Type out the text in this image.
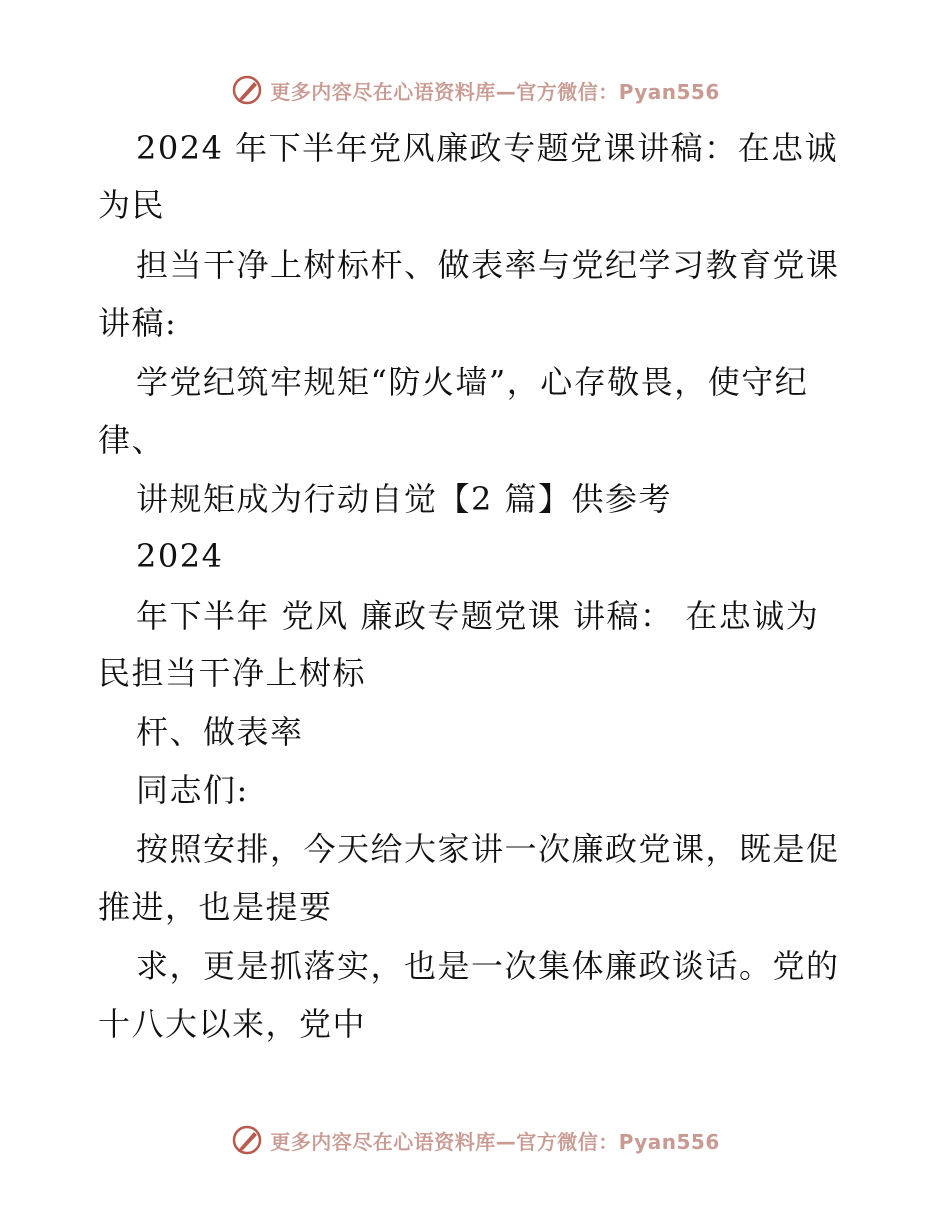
更多内容尽在心语资料库—官方微信：Pyan556
2024 年下半年党风廉政专题党课讲稿：在忠诚
为民
担当干净上树标杆、做表率与党纪学习教育党课
讲稿:
学党纪筑牢规矩“防火墙”，心存敬畏，使守纪
律、
讲规矩成为行动自觉【2 篇】供参考
2024
年下半年 党风 廉政专题党课 讲稿： 在忠诚为
民担当干净上树标
杆、做表率
同志们:
按照安排，今天给大家讲一次廉政党课，既是促
推进，也是提要
求，更是抓落实，也是一次集体廉政谈话。党的
十八大以来，党中
更多内容尽在心语资料库—官方微信：Pyan556
